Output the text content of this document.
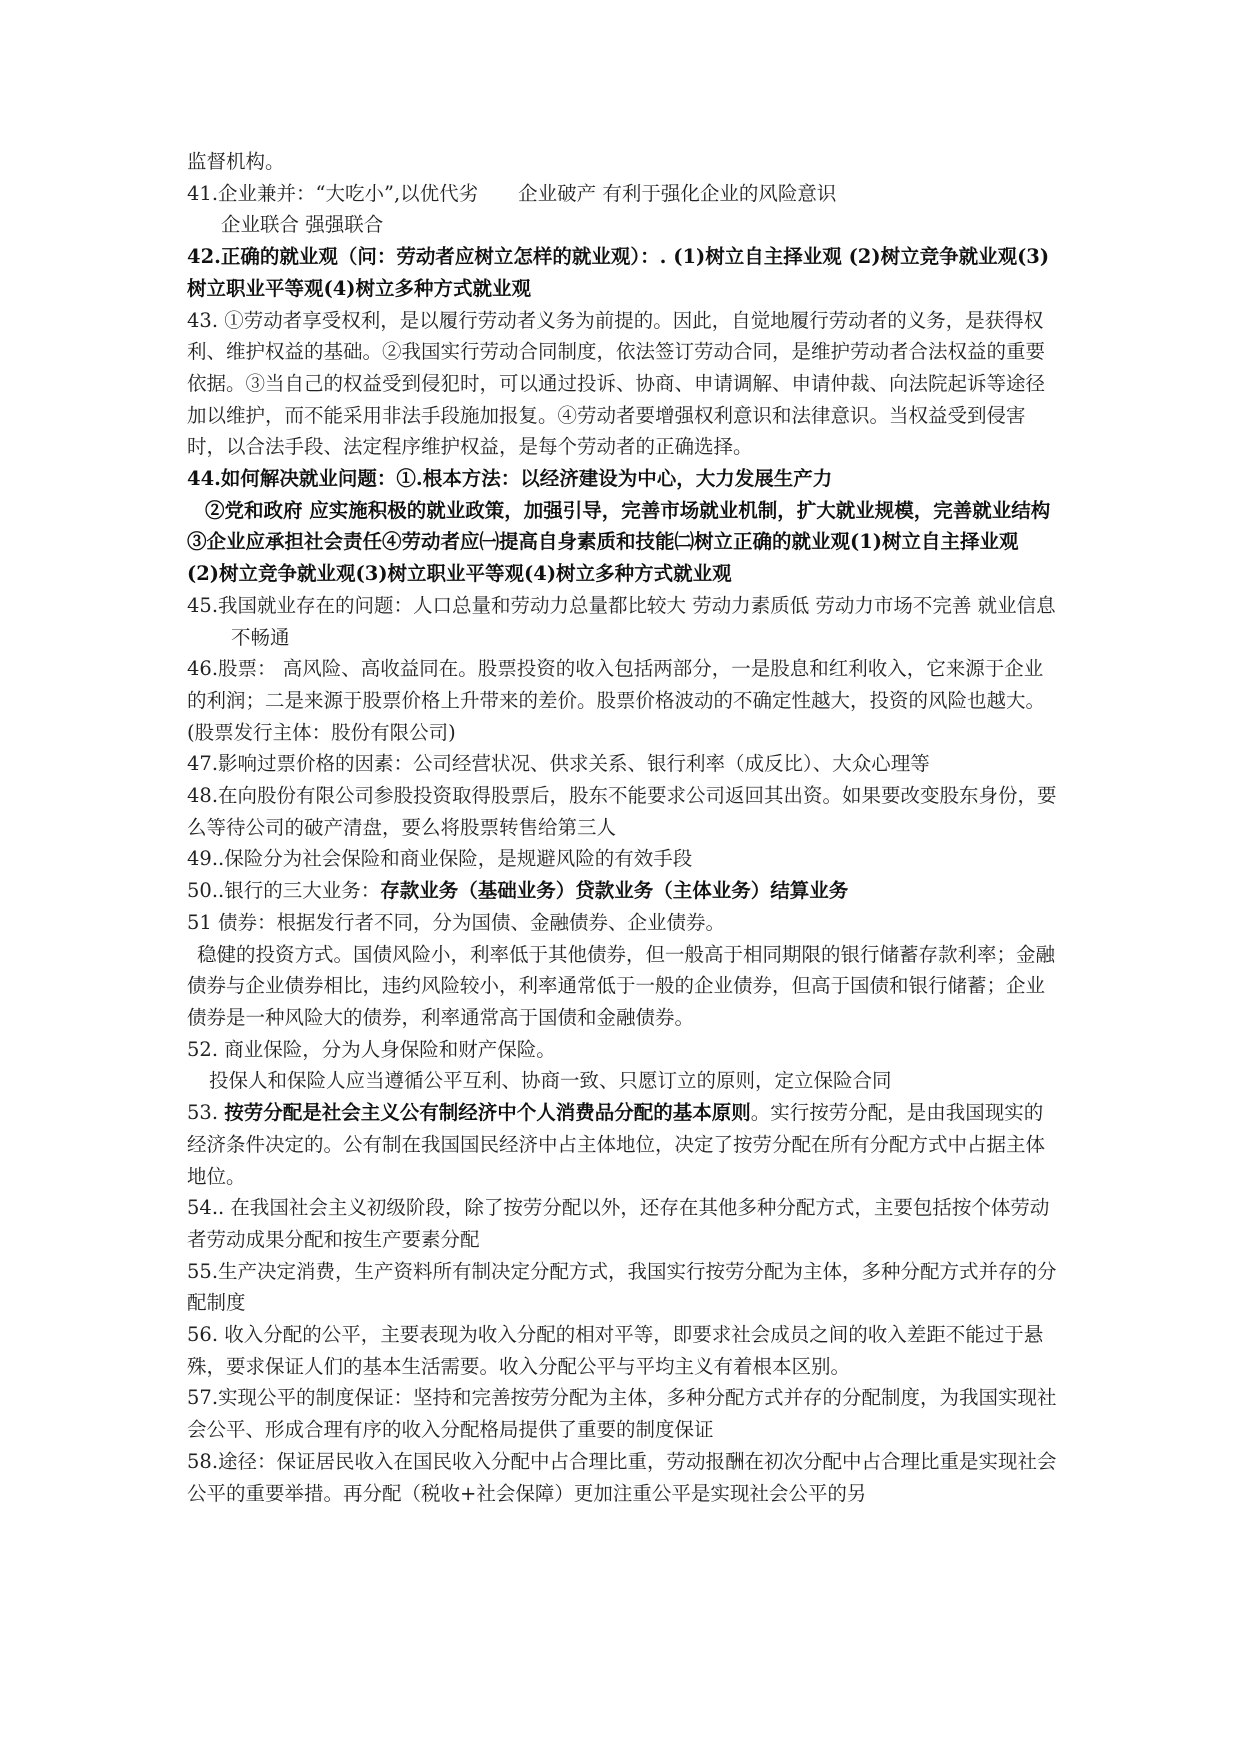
监督机构。

41.企业兼并：“大吃小”,以优代劣 企业破产 有利于强化企业的风险意识

企业联合 强强联合

42.正确的就业观（问：劳动者应树立怎样的就业观）：. (1)树立自主择业观 (2)树立竞争就业观(3)树立职业平等观(4)树立多种方式就业观

43. ①劳动者享受权利，是以履行劳动者义务为前提的。因此，自觉地履行劳动者的义务，是获得权利、维护权益的基础。②我国实行劳动合同制度，依法签订劳动合同，是维护劳动者合法权益的重要依据。③当自己的权益受到侵犯时，可以通过投诉、协商、申请调解、申请仲裁、向法院起诉等途径加以维护，而不能采用非法手段施加报复。④劳动者要增强权利意识和法律意识。当权益受到侵害时，以合法手段、法定程序维护权益，是每个劳动者的正确选择。

44.如何解决就业问题：①.根本方法：以经济建设为中心，大力发展生产力

②党和政府 应实施积极的就业政策，加强引导，完善市场就业机制，扩大就业规模，完善就业结构③企业应承担社会责任④劳动者应㈠提高自身素质和技能㈡树立正确的就业观(1)树立自主择业观 (2)树立竞争就业观(3)树立职业平等观(4)树立多种方式就业观

45.我国就业存在的问题：人口总量和劳动力总量都比较大 劳动力素质低 劳动力市场不完善 就业信息不畅通

46.股票： 高风险、高收益同在。股票投资的收入包括两部分，一是股息和红利收入，它来源于企业的利润；二是来源于股票价格上升带来的差价。股票价格波动的不确定性越大，投资的风险也越大。(股票发行主体：股份有限公司)

47.影响过票价格的因素：公司经营状况、供求关系、银行利率（成反比）、大众心理等

48.在向股份有限公司参股投资取得股票后，股东不能要求公司返回其出资。如果要改变股东身份，要么等待公司的破产清盘，要么将股票转售给第三人

49..保险分为社会保险和商业保险，是规避风险的有效手段

50..银行的三大业务：存款业务（基础业务）贷款业务（主体业务）结算业务

51 债券：根据发行者不同，分为国债、金融债券、企业债券。

稳健的投资方式。国债风险小，利率低于其他债券，但一般高于相同期限的银行储蓄存款利率；金融债券与企业债券相比，违约风险较小，利率通常低于一般的企业债券，但高于国债和银行储蓄；企业债券是一种风险大的债券，利率通常高于国债和金融债券。

52. 商业保险，分为人身保险和财产保险。

投保人和保险人应当遵循公平互利、协商一致、只愿订立的原则，定立保险合同

53. 按劳分配是社会主义公有制经济中个人消费品分配的基本原则。实行按劳分配，是由我国现实的经济条件决定的。公有制在我国国民经济中占主体地位，决定了按劳分配在所有分配方式中占据主体地位。

54.. 在我国社会主义初级阶段，除了按劳分配以外，还存在其他多种分配方式，主要包括按个体劳动者劳动成果分配和按生产要素分配

55.生产决定消费，生产资料所有制决定分配方式，我国实行按劳分配为主体，多种分配方式并存的分配制度

56. 收入分配的公平，主要表现为收入分配的相对平等，即要求社会成员之间的收入差距不能过于悬殊，要求保证人们的基本生活需要。收入分配公平与平均主义有着根本区别。

57.实现公平的制度保证：坚持和完善按劳分配为主体，多种分配方式并存的分配制度，为我国实现社会公平、形成合理有序的收入分配格局提供了重要的制度保证

58.途径：保证居民收入在国民收入分配中占合理比重，劳动报酬在初次分配中占合理比重是实现社会公平的重要举措。再分配（税收+社会保障）更加注重公平是实现社会公平的另
